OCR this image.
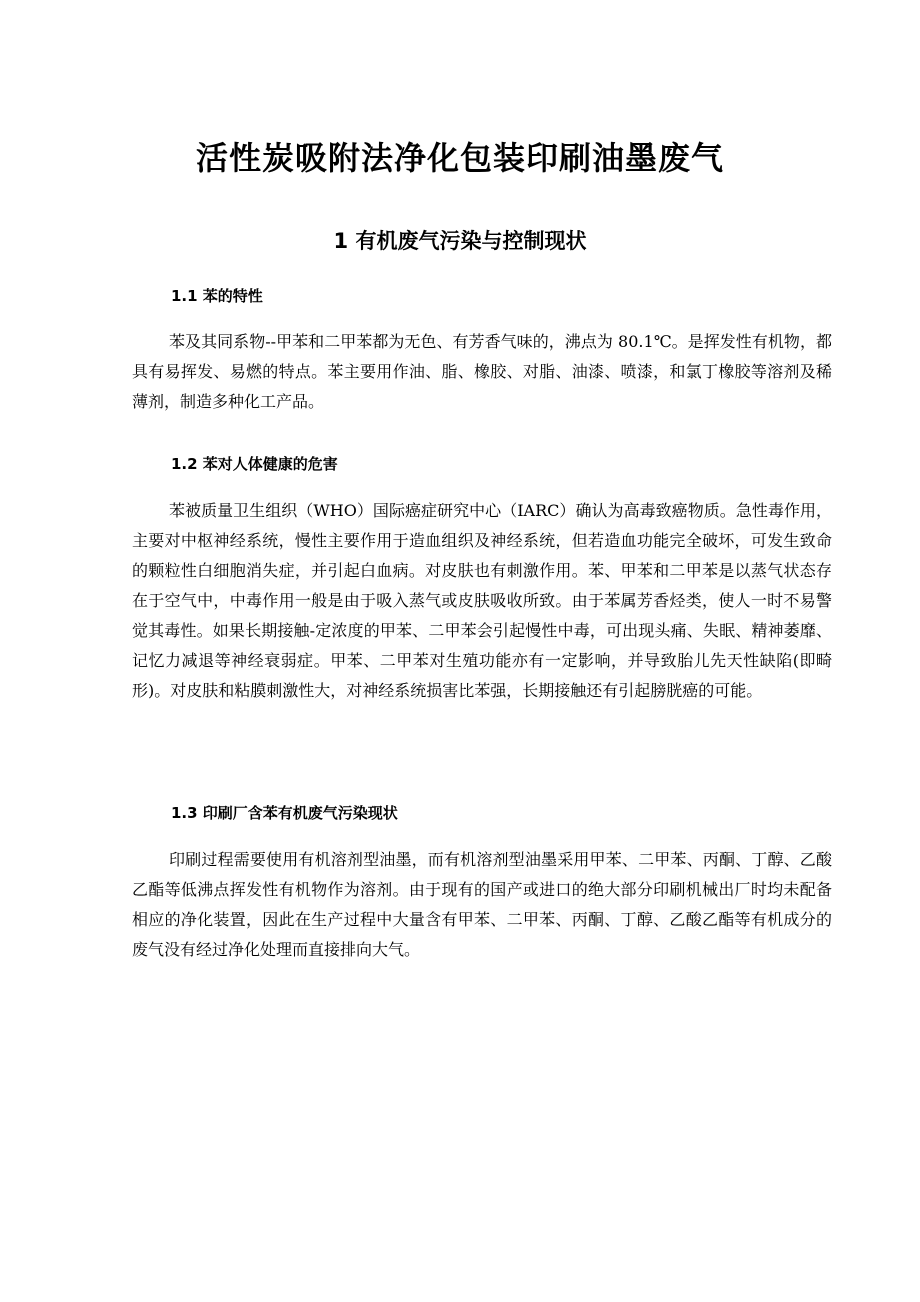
活性炭吸附法净化包装印刷油墨废气
1 有机废气污染与控制现状
1.1 苯的特性
苯及其同系物--甲苯和二甲苯都为无色、有芳香气味的，沸点为 80.1℃。是挥发性有机物，都具有易挥发、易燃的特点。苯主要用作油、脂、橡胶、对脂、油漆、喷漆，和氯丁橡胶等溶剂及稀薄剂，制造多种化工产品。
1.2 苯对人体健康的危害
苯被质量卫生组织（WHO）国际癌症研究中心（IARC）确认为高毒致癌物质。急性毒作用，主要对中枢神经系统，慢性主要作用于造血组织及神经系统，但若造血功能完全破坏，可发生致命的颗粒性白细胞消失症，并引起白血病。对皮肤也有刺激作用。苯、甲苯和二甲苯是以蒸气状态存在于空气中，中毒作用一般是由于吸入蒸气或皮肤吸收所致。由于苯属芳香烃类，使人一时不易警觉其毒性。如果长期接触-定浓度的甲苯、二甲苯会引起慢性中毒，可出现头痛、失眠、精神萎靡、记忆力减退等神经衰弱症。甲苯、二甲苯对生殖功能亦有一定影响，并导致胎儿先天性缺陷(即畸形)。对皮肤和粘膜刺激性大，对神经系统损害比苯强，长期接触还有引起膀胱癌的可能。
1.3 印刷厂含苯有机废气污染现状
印刷过程需要使用有机溶剂型油墨，而有机溶剂型油墨采用甲苯、二甲苯、丙酮、丁醇、乙酸乙酯等低沸点挥发性有机物作为溶剂。由于现有的国产或进口的绝大部分印刷机械出厂时均未配备相应的净化装置，因此在生产过程中大量含有甲苯、二甲苯、丙酮、丁醇、乙酸乙酯等有机成分的废气没有经过净化处理而直接排向大气。
